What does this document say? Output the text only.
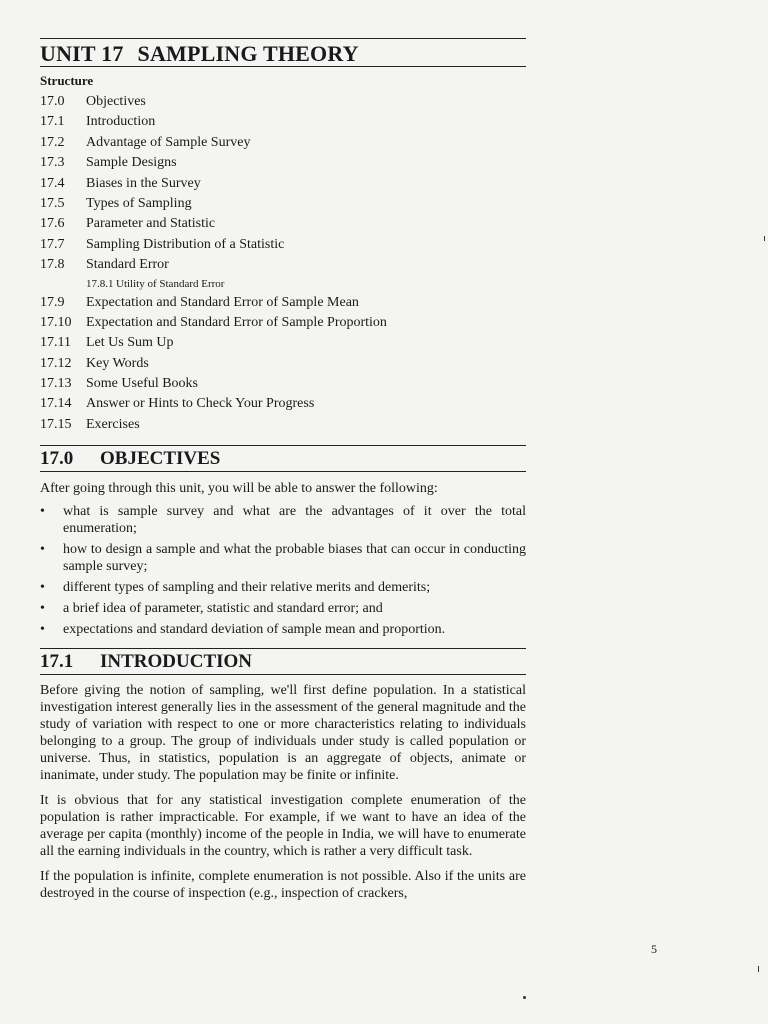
UNIT 17 SAMPLING THEORY
Structure
17.0	Objectives
17.1	Introduction
17.2	Advantage of Sample Survey
17.3	Sample Designs
17.4	Biases in the Survey
17.5	Types of Sampling
17.6	Parameter and Statistic
17.7	Sampling Distribution of a Statistic
17.8	Standard Error
17.8.1 Utility of Standard Error
17.9	Expectation and Standard Error of Sample Mean
17.10	Expectation and Standard Error of Sample Proportion
17.11	Let Us Sum Up
17.12	Key Words
17.13	Some Useful Books
17.14	Answer or Hints to Check Your Progress
17.15	Exercises
17.0 OBJECTIVES

After going through this unit, you will be able to answer the following:

• what is sample survey and what are the advantages of it over the total enumeration;
• how to design a sample and what the probable biases that can occur in conducting sample survey;
• different types of sampling and their relative merits and demerits;
• a brief idea of parameter, statistic and standard error; and
• expectations and standard deviation of sample mean and proportion.
17.1 INTRODUCTION

Before giving the notion of sampling, we'll first define population. In a statistical investigation interest generally lies in the assessment of the general magnitude and the study of variation with respect to one or more characteristics relating to individuals belonging to a group. The group of individuals under study is called population or universe. Thus, in statistics, population is an aggregate of objects, animate or inanimate, under study. The population may be finite or infinite.

It is obvious that for any statistical investigation complete enumeration of the population is rather impracticable. For example, if we want to have an idea of the average per capita (monthly) income of the people in India, we will have to enumerate all the earning individuals in the country, which is rather a very difficult task.

If the population is infinite, complete enumeration is not possible. Also if the units are destroyed in the course of inspection (e.g., inspection of crackers,

5
